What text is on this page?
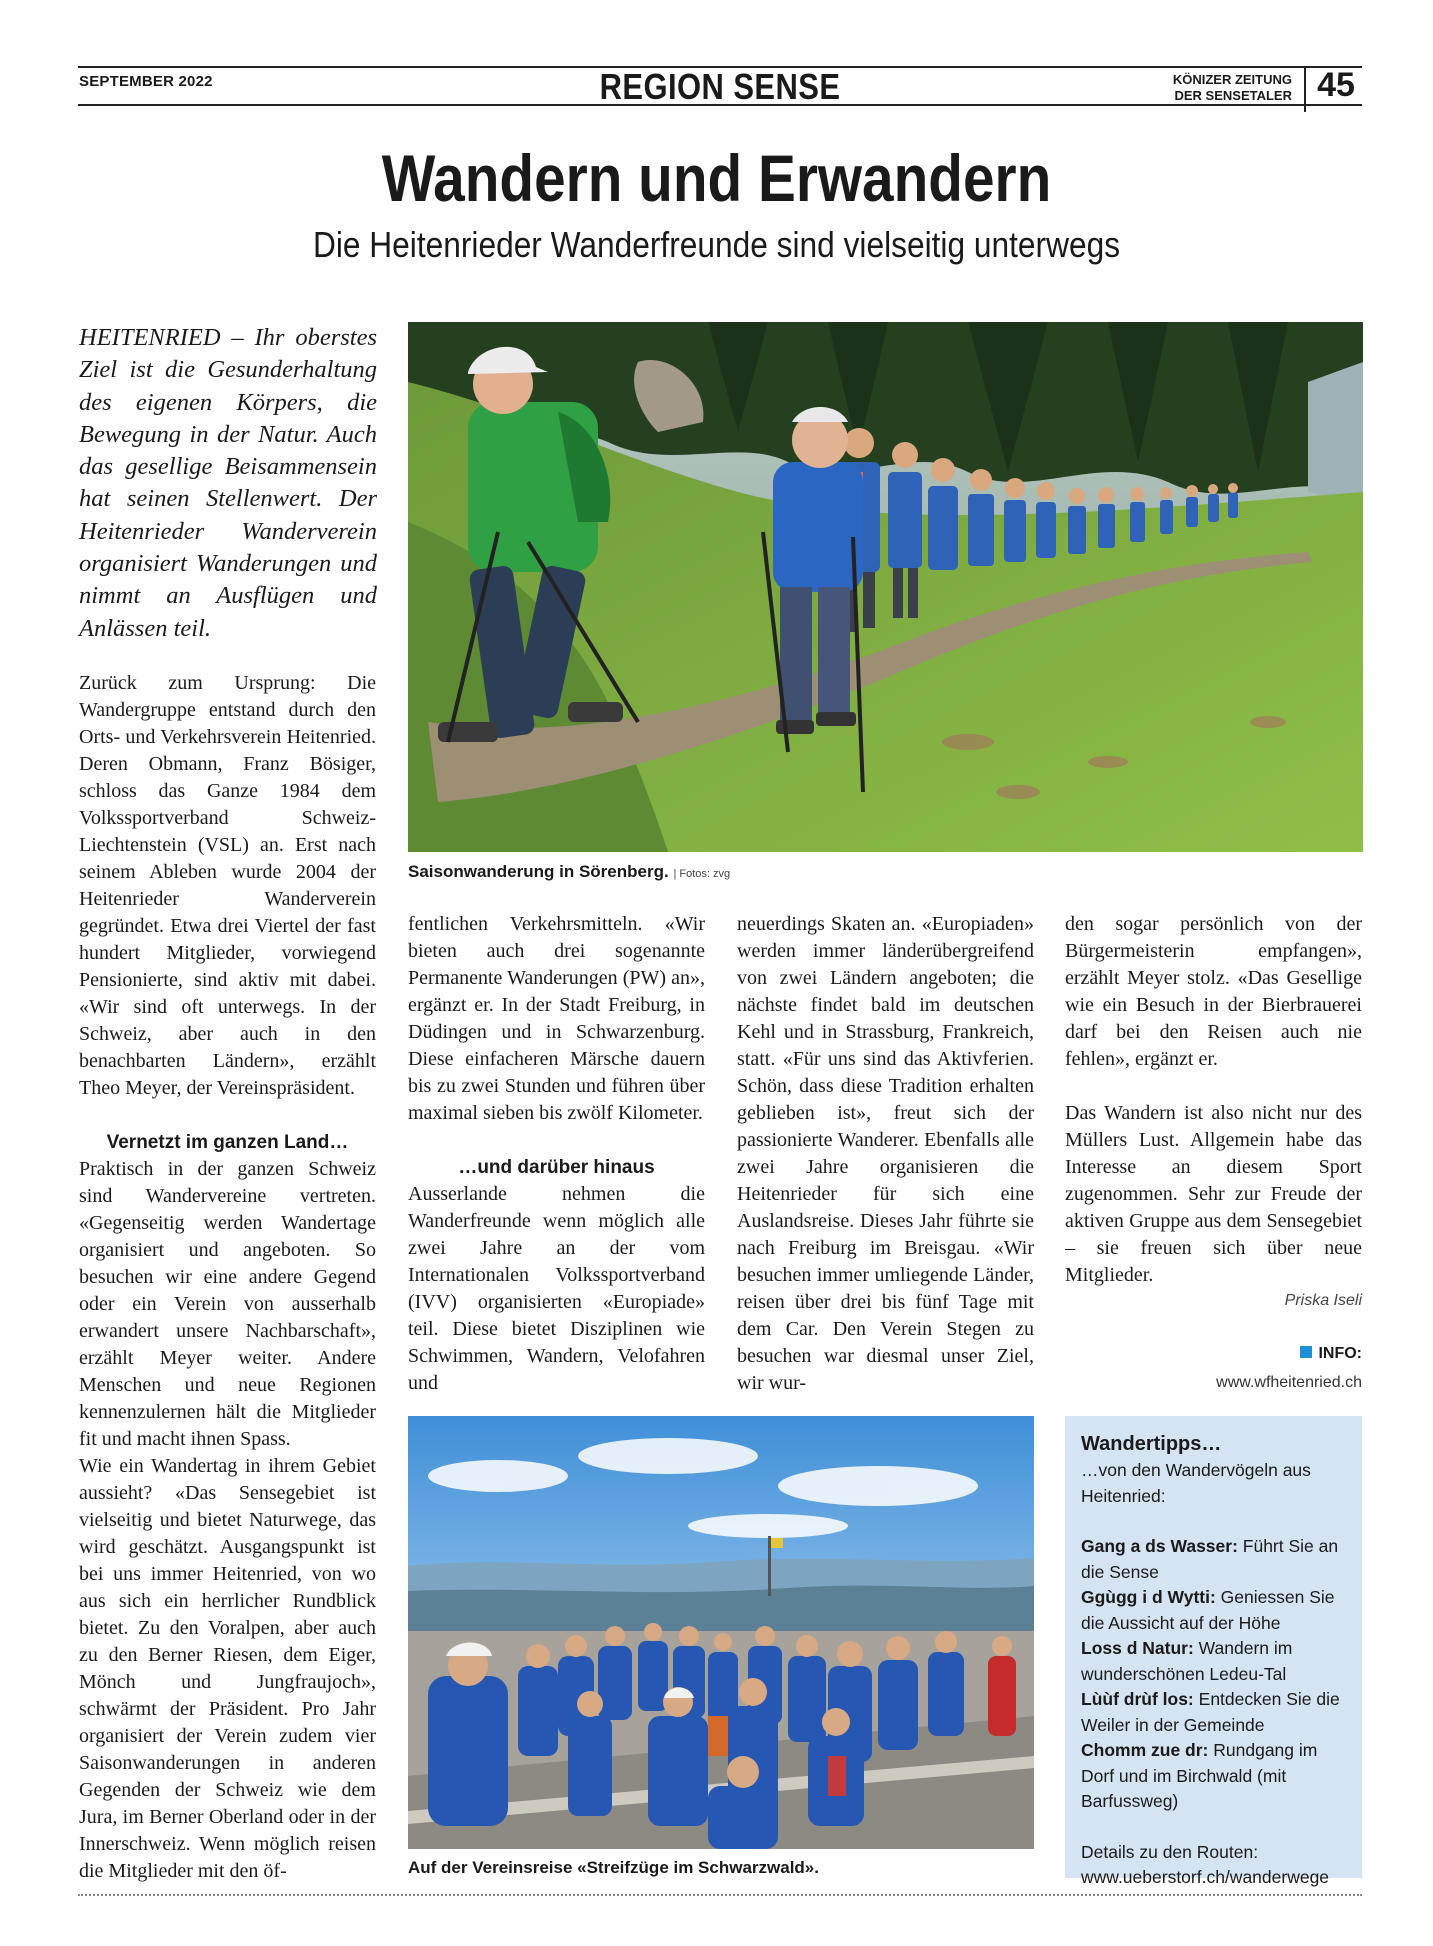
SEPTEMBER 2022	REGION SENSE	KÖNIZER ZEITUNG
DER SENSETALER 45
Wandern und Erwandern
Die Heitenrieder Wanderfreunde sind vielseitig unterwegs
HEITENRIED – Ihr oberstes Ziel ist die Gesunderhaltung des eigenen Körpers, die Bewegung in der Natur. Auch das gesellige Beisammensein hat seinen Stellenwert. Der Heitenrieder Wanderverein organisiert Wanderungen und nimmt an Ausflügen und Anlässen teil.
Saisonwanderung in Sörenberg. | Fotos: zvg

Zurück zum Ursprung: Die Wandergruppe entstand durch den Orts- und Verkehrsverein Heitenried. Deren Obmann, Franz Bösiger, schloss das Ganze 1984 dem Volkssportverband Schweiz-Liechtenstein (VSL) an. Erst nach seinem Ableben wurde 2004 der Heitenrieder Wanderverein gegründet. Etwa drei Viertel der fast hundert Mitglieder, vorwiegend Pensionierte, sind aktiv mit dabei. «Wir sind oft unterwegs. In der Schweiz, aber auch in den benachbarten Ländern», erzählt Theo Meyer, der Vereinspräsident.

Vernetzt im ganzen Land…

Praktisch in der ganzen Schweiz sind Wandervereine vertreten. «Gegenseitig werden Wandertage organisiert und angeboten. So besuchen wir eine andere Gegend oder ein Verein von ausserhalb erwandert unsere Nachbarschaft», erzählt Meyer weiter. Andere Menschen und neue Regionen kennenzulernen hält die Mitglieder fit und macht ihnen Spass.

Wie ein Wandertag in ihrem Gebiet aussieht? «Das Sensegebiet ist vielseitig und bietet Naturwege, das wird geschätzt. Ausgangspunkt ist bei uns immer Heitenried, von wo aus sich ein herrlicher Rundblick bietet. Zu den Voralpen, aber auch zu den Berner Riesen, dem Eiger, Mönch und Jungfraujoch», schwärmt der Präsident. Pro Jahr organisiert der Verein zudem vier Saisonwanderungen in anderen Gegenden der Schweiz wie dem Jura, im Berner Oberland oder in der Innerschweiz. Wenn möglich reisen die Mitglieder mit den öf-

fentlichen Verkehrsmitteln. «Wir bieten auch drei sogenannte Permanente Wanderungen (PW) an», ergänzt er. In der Stadt Freiburg, in Düdingen und in Schwarzenburg. Diese einfacheren Märsche dauern bis zu zwei Stunden und führen über maximal sieben bis zwölf Kilometer.

…und darüber hinaus

Ausserlande nehmen die Wanderfreunde wenn möglich alle zwei Jahre an der vom Internationalen Volkssportverband (IVV) organisierten «Europiade» teil. Diese bietet Disziplinen wie Schwimmen, Wandern, Velofahren und

neuerdings Skaten an. «Europiaden» werden immer länderübergreifend von zwei Ländern angeboten; die nächste findet bald im deutschen Kehl und in Strassburg, Frankreich, statt. «Für uns sind das Aktivferien. Schön, dass diese Tradition erhalten geblieben ist», freut sich der passionierte Wanderer. Ebenfalls alle zwei Jahre organisieren die Heitenrieder für sich eine Auslandsreise. Dieses Jahr führte sie nach Freiburg im Breisgau. «Wir besuchen immer umliegende Länder, reisen über drei bis fünf Tage mit dem Car. Den Verein Stegen zu besuchen war diesmal unser Ziel, wir wur-

den sogar persönlich von der Bürgermeisterin empfangen», erzählt Meyer stolz. «Das Gesellige wie ein Besuch in der Bierbrauerei darf bei den Reisen auch nie fehlen», ergänzt er.

Das Wandern ist also nicht nur des Müllers Lust. Allgemein habe das Interesse an diesem Sport zugenommen. Sehr zur Freude der aktiven Gruppe aus dem Sensegebiet – sie freuen sich über neue Mitglieder.

Priska Iseli
INFO:
www.wfheitenried.ch
Auf der Vereinsreise «Streifzüge im Schwarzwald».

Wandertipps…

…von den Wandervögeln aus Heitenried:

Gang a ds Wasser: Führt Sie an die Sense

Ggùgg i d Wytti: Geniessen Sie die Aussicht auf der Höhe

Loss d Natur: Wandern im wunderschönen Ledeu-Tal

Lùùf drùf los: Entdecken Sie die Weiler in der Gemeinde

Chomm zue dr: Rundgang im Dorf und im Birchwald (mit Barfussweg)

Details zu den Routen:

www.ueberstorf.ch/wanderwege
